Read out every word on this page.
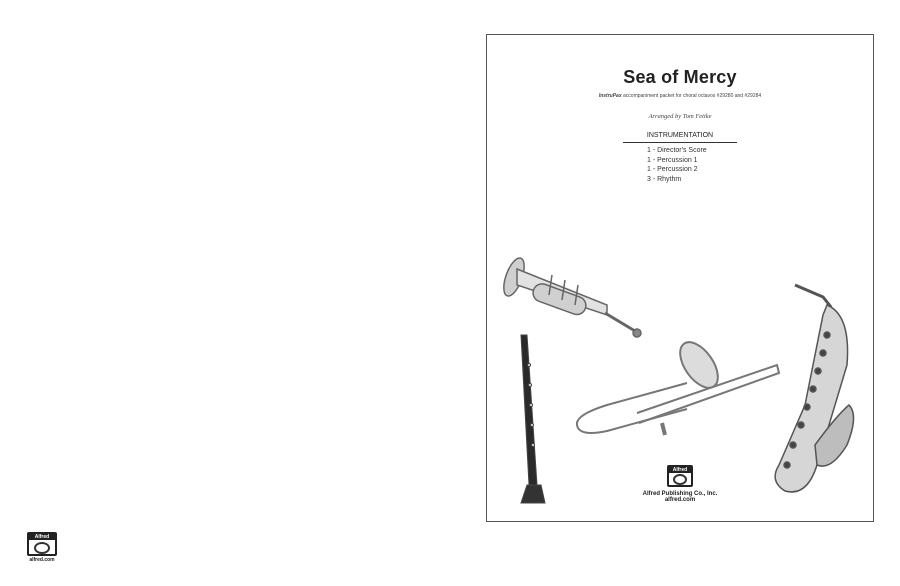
Alfred
alfred.com
Sea of Mercy
InstruPax accompaniment packet for choral octavos #29280 and #29284
Arranged by Tom Fettke
INSTRUMENTATION
1 - Director's Score
1 - Percussion 1
1 - Percussion 2
3 - Rhythm
Alfred
Alfred Publishing Co., Inc.
alfred.com
